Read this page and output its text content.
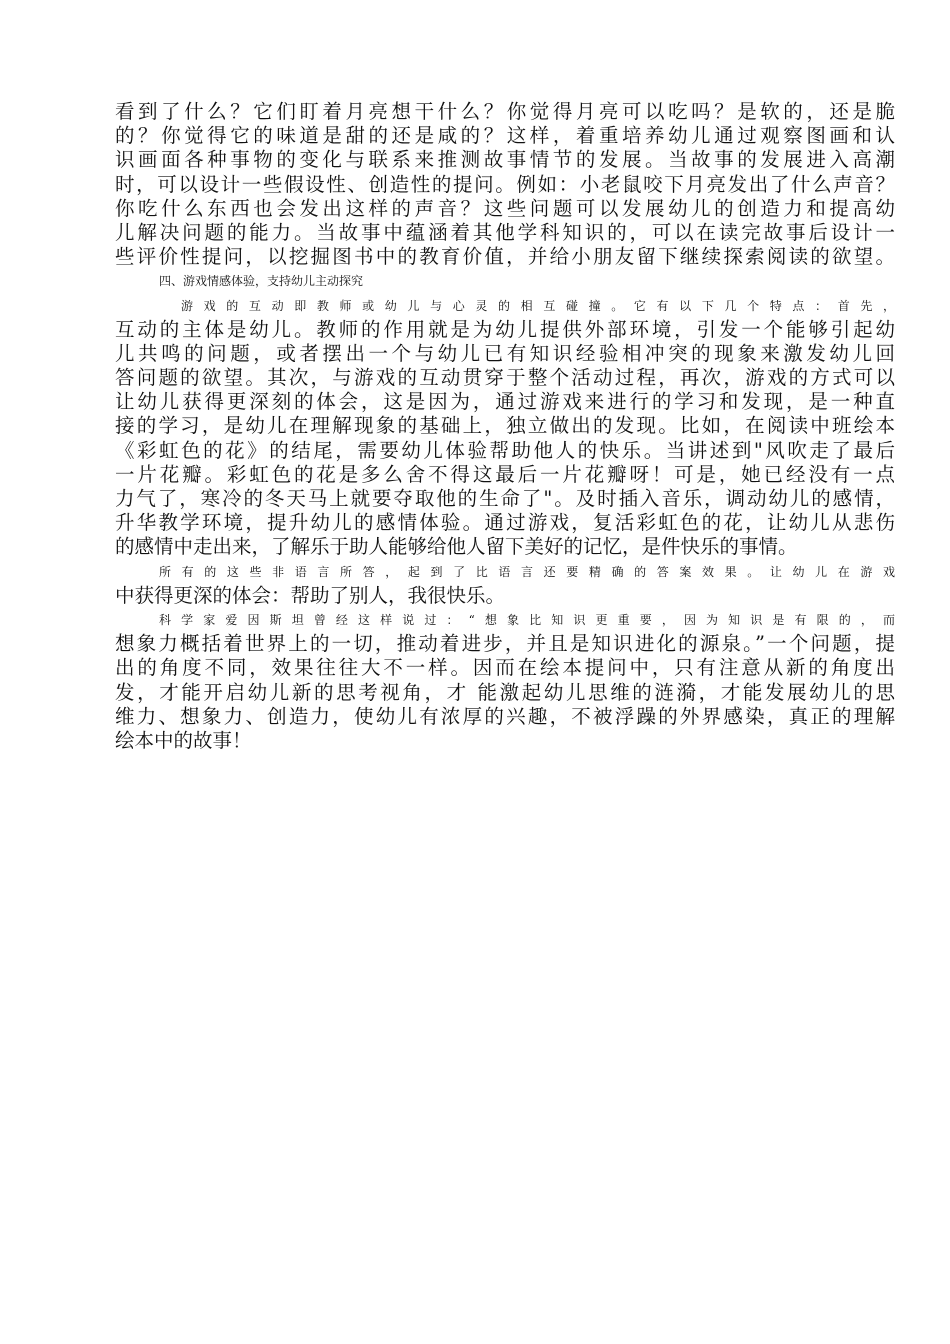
看到了什么？它们盯着月亮想干什么？你觉得月亮可以吃吗？是软的，还是脆
的？你觉得它的味道是甜的还是咸的？这样，着重培养幼儿通过观察图画和认
识画面各种事物的变化与联系来推测故事情节的发展。当故事的发展进入高潮
时，可以设计一些假设性、创造性的提问。例如：小老鼠咬下月亮发出了什么声音？
你吃什么东西也会发出这样的声音？这些问题可以发展幼儿的创造力和提高幼
儿解决问题的能力。当故事中蕴涵着其他学科知识的，可以在读完故事后设计一
些评价性提问，以挖掘图书中的教育价值，并给小朋友留下继续探索阅读的欲望。
四、游戏情感体验，支持幼儿主动探究
游戏的互动即教师或幼儿与心灵的相互碰撞。它有以下几个特点：首先，
互动的主体是幼儿。教师的作用就是为幼儿提供外部环境，引发一个能够引起幼
儿共鸣的问题，或者摆出一个与幼儿已有知识经验相冲突的现象来激发幼儿回
答问题的欲望。其次，与游戏的互动贯穿于整个活动过程，再次，游戏的方式可以
让幼儿获得更深刻的体会，这是因为，通过游戏来进行的学习和发现，是一种直
接的学习，是幼儿在理解现象的基础上，独立做出的发现。比如，在阅读中班绘本
《彩虹色的花》的结尾，需要幼儿体验帮助他人的快乐。当讲述到"风吹走了最后
一片花瓣。彩虹色的花是多么舍不得这最后一片花瓣呀！可是，她已经没有一点
力气了，寒冷的冬天马上就要夺取他的生命了"。及时插入音乐，调动幼儿的感情，
升华教学环境，提升幼儿的感情体验。通过游戏，复活彩虹色的花，让幼儿从悲伤
的感情中走出来，了解乐于助人能够给他人留下美好的记忆，是件快乐的事情。
所有的这些非语言所答，起到了比语言还要精确的答案效果。让幼儿在游戏
中获得更深的体会：帮助了别人，我很快乐。
科学家爱因斯坦曾经这样说过：“想象比知识更重要，因为知识是有限的，而
想象力概括着世界上的一切，推动着进步，并且是知识进化的源泉。”一个问题，提
出的角度不同，效果往往大不一样。因而在绘本提问中，只有注意从新的角度出
发，才能开启幼儿新的思考视角，才 能激起幼儿思维的涟漪，才能发展幼儿的思
维力、想象力、创造力，使幼儿有浓厚的兴趣，不被浮躁的外界感染，真正的理解
绘本中的故事！
